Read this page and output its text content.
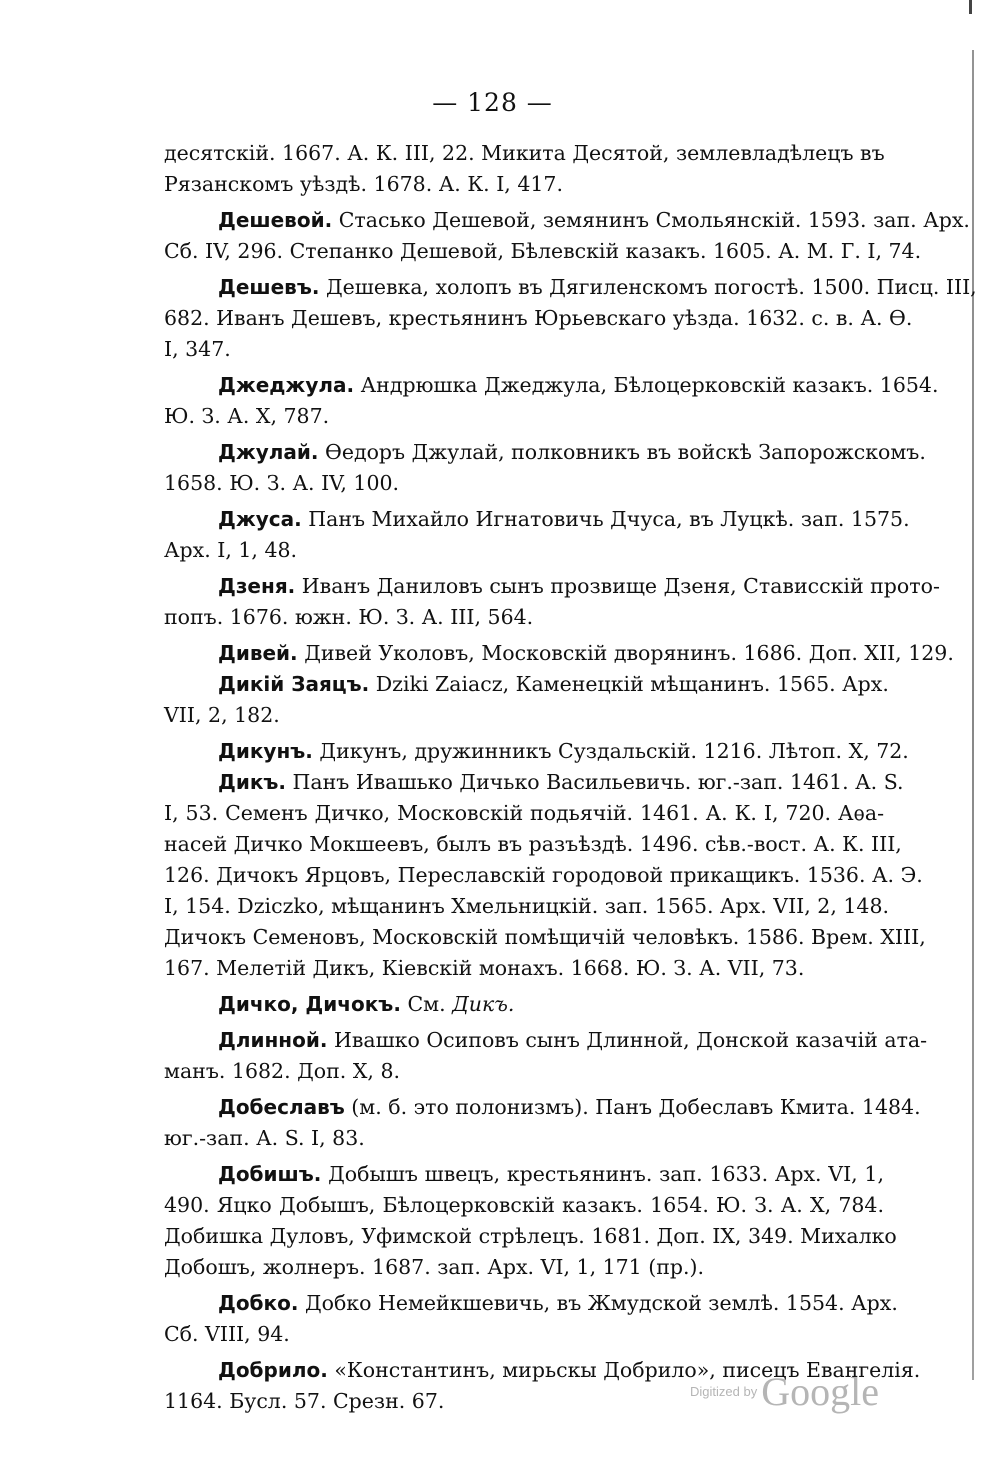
— 128 —
десятскій. 1667. А. К. III, 22. Микита Десятой, землевладѣлецъ въ
Рязанскомъ уѣздѣ. 1678. А. К. I, 417.
Дешевой. Стасько Дешевой, земянинъ Смольянскій. 1593. зап. Арх.
Сб. IV, 296. Степанко Дешевой, Бѣлевскій казакъ. 1605. А. М. Г. I, 74.
Дешевъ. Дешевка, холопъ въ Дягиленскомъ погостѣ. 1500. Писц. III,
682. Иванъ Дешевъ, крестьянинъ Юрьевскаго уѣзда. 1632. с. в. А. Ѳ.
I, 347.
Джеджула. Андрюшка Джеджула, Бѣлоцерковскій казакъ. 1654.
Ю. З. А. X, 787.
Джулай. Ѳедоръ Джулай, полковникъ въ войскѣ Запорожскомъ.
1658. Ю. З. А. IV, 100.
Джуса. Панъ Михайло Игнатовичь Дчуса, въ Луцкѣ. зап. 1575.
Арх. I, 1, 48.
Дзеня. Иванъ Даниловъ сынъ прозвище Дзеня, Стависскій прото-
попъ. 1676. южн. Ю. З. А. III, 564.
Дивей. Дивей Уколовъ, Московскій дворянинъ. 1686. Доп. XII, 129.
Дикій Заяцъ. Dziki Zaiacz, Каменецкій мѣщанинъ. 1565. Арх.
VII, 2, 182.
Дикунъ. Дикунъ, дружинникъ Суздальскій. 1216. Лѣтоп. X, 72.
Дикъ. Панъ Ивашько Дичько Васильевичь. юг.-зап. 1461. А. S.
I, 53. Семенъ Дичко, Московскій подьячій. 1461. А. К. I, 720. Аѳа-
насей Дичко Мокшеевъ, былъ въ разъѣздѣ. 1496. сѣв.-вост. А. К. III,
126. Дичокъ Ярцовъ, Переславскій городовой прикащикъ. 1536. А. Э.
I, 154. Dziczko, мѣщанинъ Хмельницкій. зап. 1565. Арх. VII, 2, 148.
Дичокъ Семеновъ, Московскій помѣщичій человѣкъ. 1586. Врем. XIII,
167. Мелетій Дикъ, Кіевскій монахъ. 1668. Ю. З. А. VII, 73.
Дичко, Дичокъ. См. Дикъ.
Длинной. Ивашко Осиповъ сынъ Длинной, Донской казачій ата-
манъ. 1682. Доп. X, 8.
Добеславъ (м. б. это полонизмъ). Панъ Добеславъ Кмита. 1484.
юг.-зап. А. S. I, 83.
Добишъ. Добышъ швецъ, крестьянинъ. зап. 1633. Арх. VI, 1,
490. Яцко Добышъ, Бѣлоцерковскій казакъ. 1654. Ю. З. А. X, 784.
Добишка Дуловъ, Уфимской стрѣлецъ. 1681. Доп. IX, 349. Михалко
Добошъ, жолнеръ. 1687. зап. Арх. VI, 1, 171 (пр.).
Добко. Добко Немейкшевичь, въ Жмудской землѣ. 1554. Арх.
Сб. VIII, 94.
Добрило. «Константинъ, мирьскы Добрило», писецъ Евангелія.
1164. Бусл. 57. Срезн. 67.	Digitized by Google
